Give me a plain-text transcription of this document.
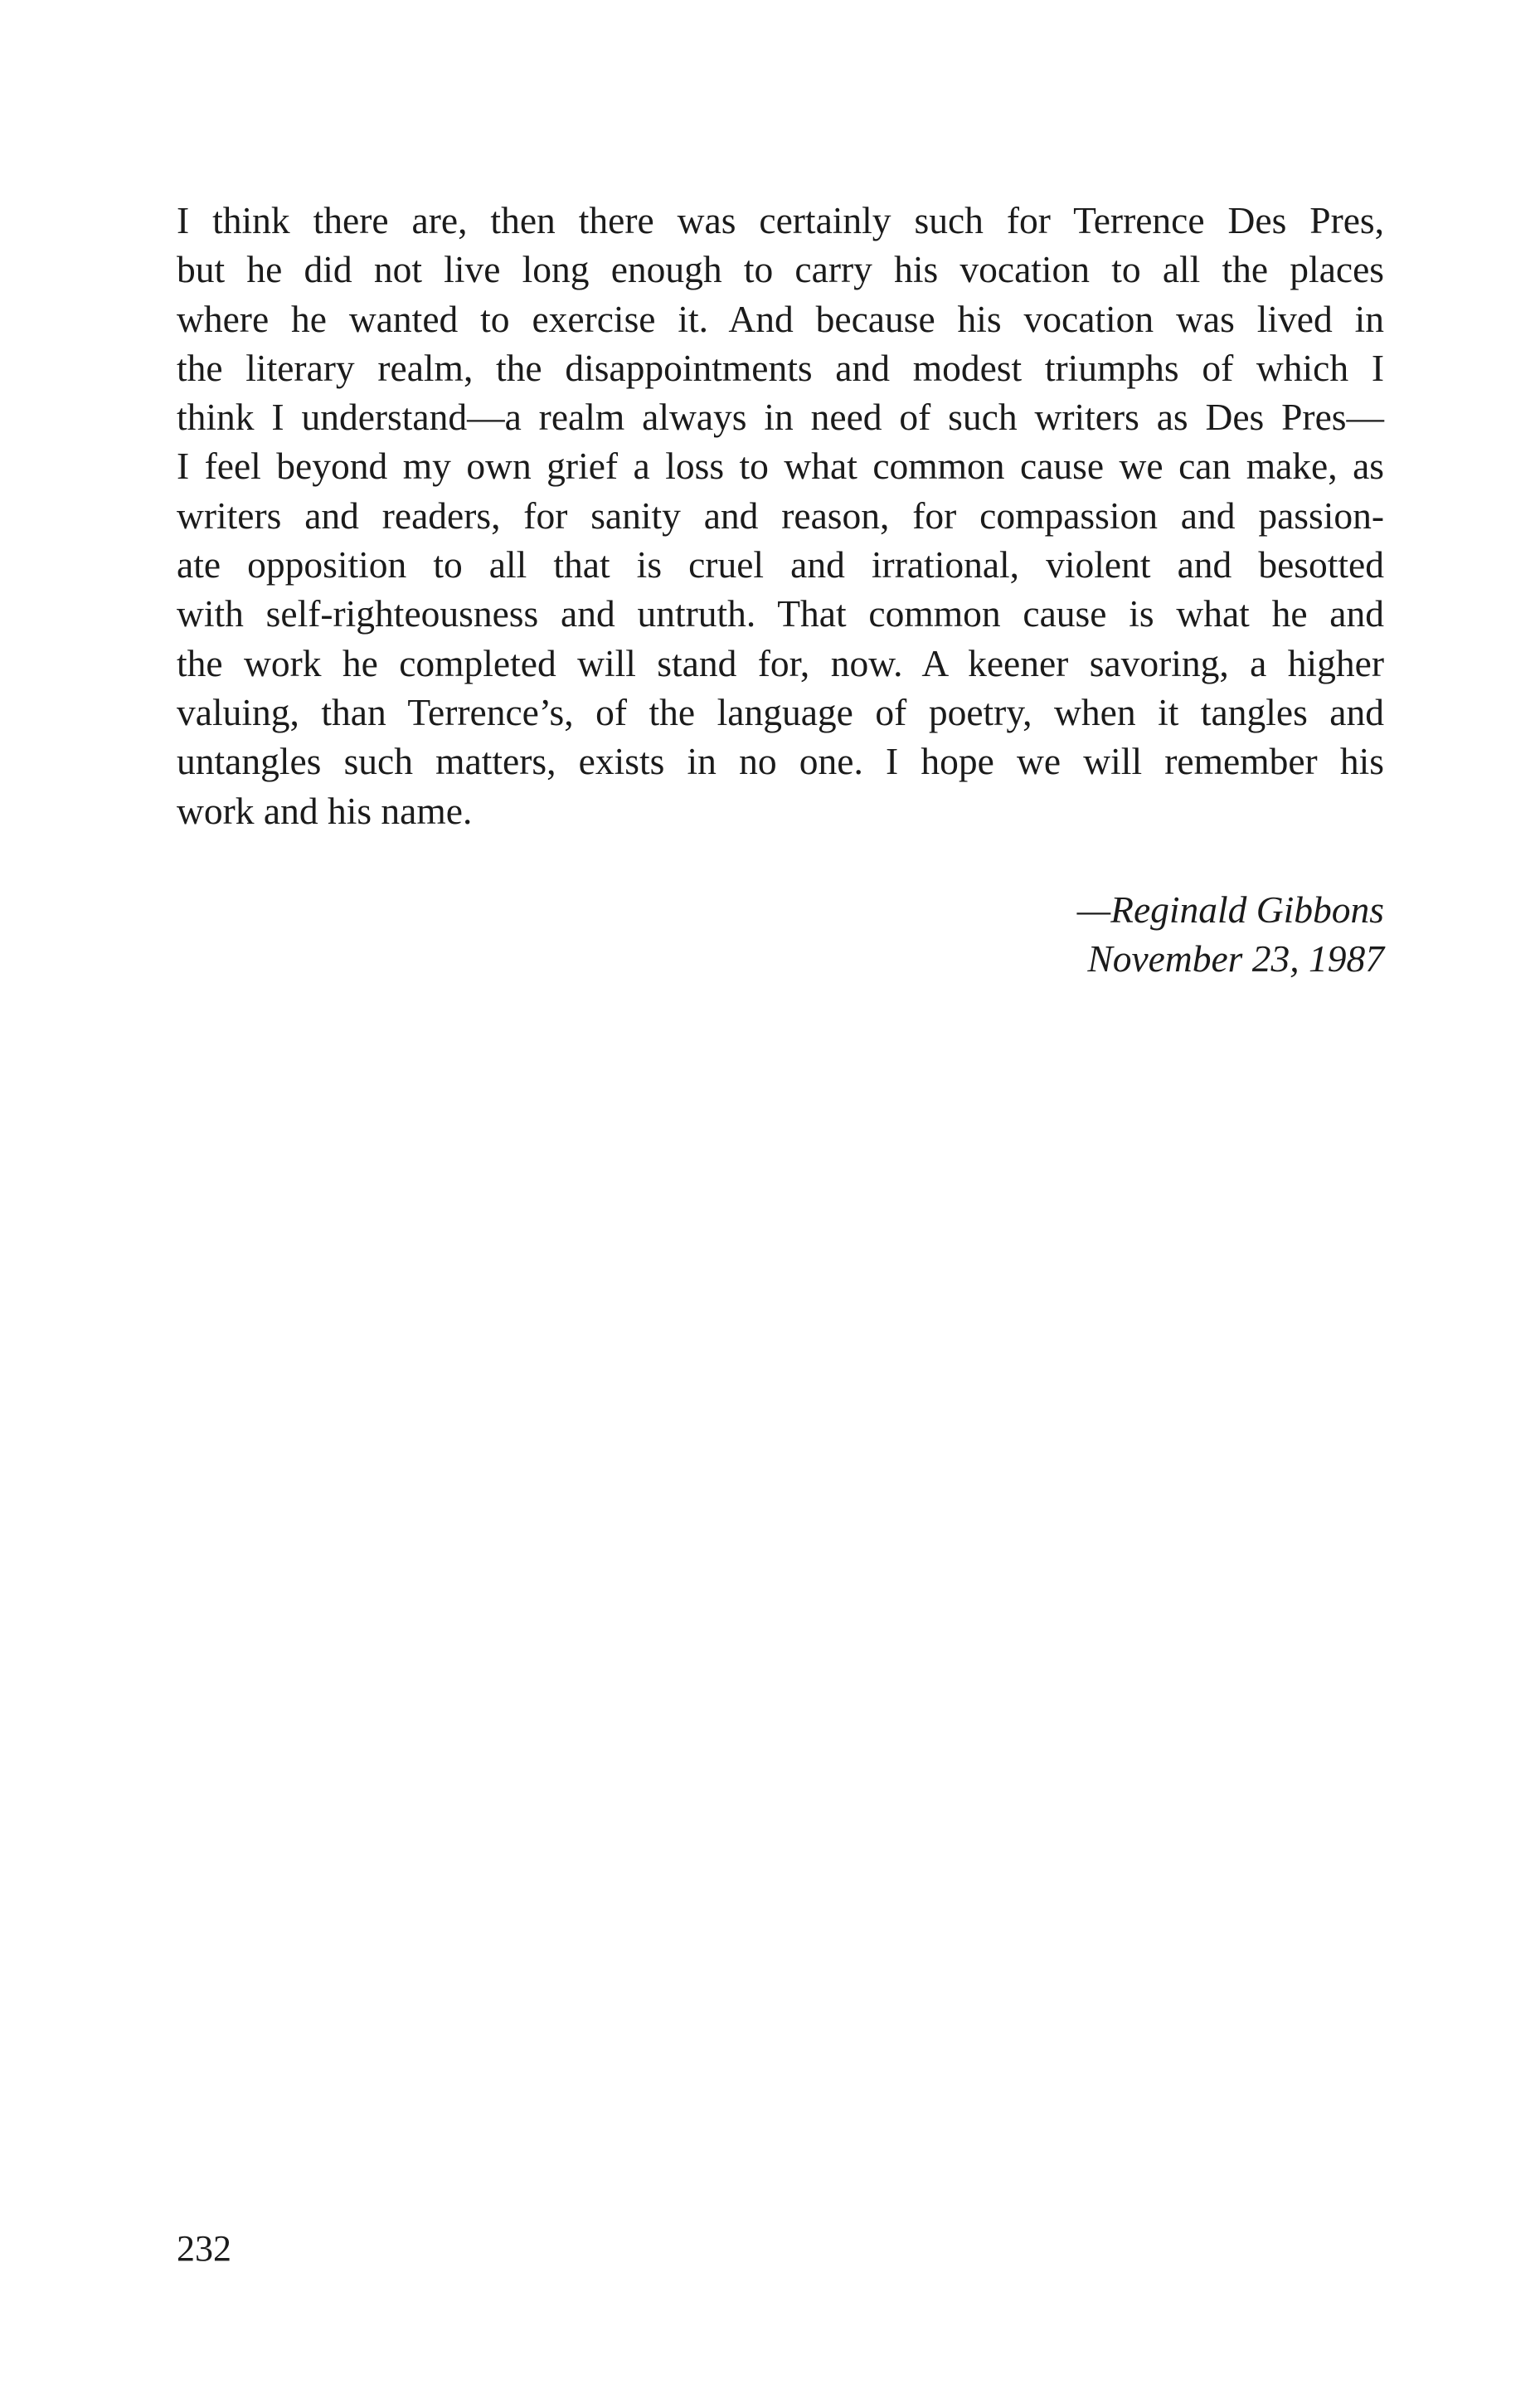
I think there are, then there was certainly such for Terrence Des Pres,
but he did not live long enough to carry his vocation to all the places
where he wanted to exercise it. And because his vocation was lived in
the literary realm, the disappointments and modest triumphs of which I
think I understand—a realm always in need of such writers as Des Pres—
I feel beyond my own grief a loss to what common cause we can make, as
writers and readers, for sanity and reason, for compassion and passion-
ate opposition to all that is cruel and irrational, violent and besotted
with self-righteousness and untruth. That common cause is what he and
the work he completed will stand for, now. A keener savoring, a higher
valuing, than Terrence’s, of the language of poetry, when it tangles and
untangles such matters, exists in no one. I hope we will remember his
work and his name.
—Reginald Gibbons
November 23, 1987
232
